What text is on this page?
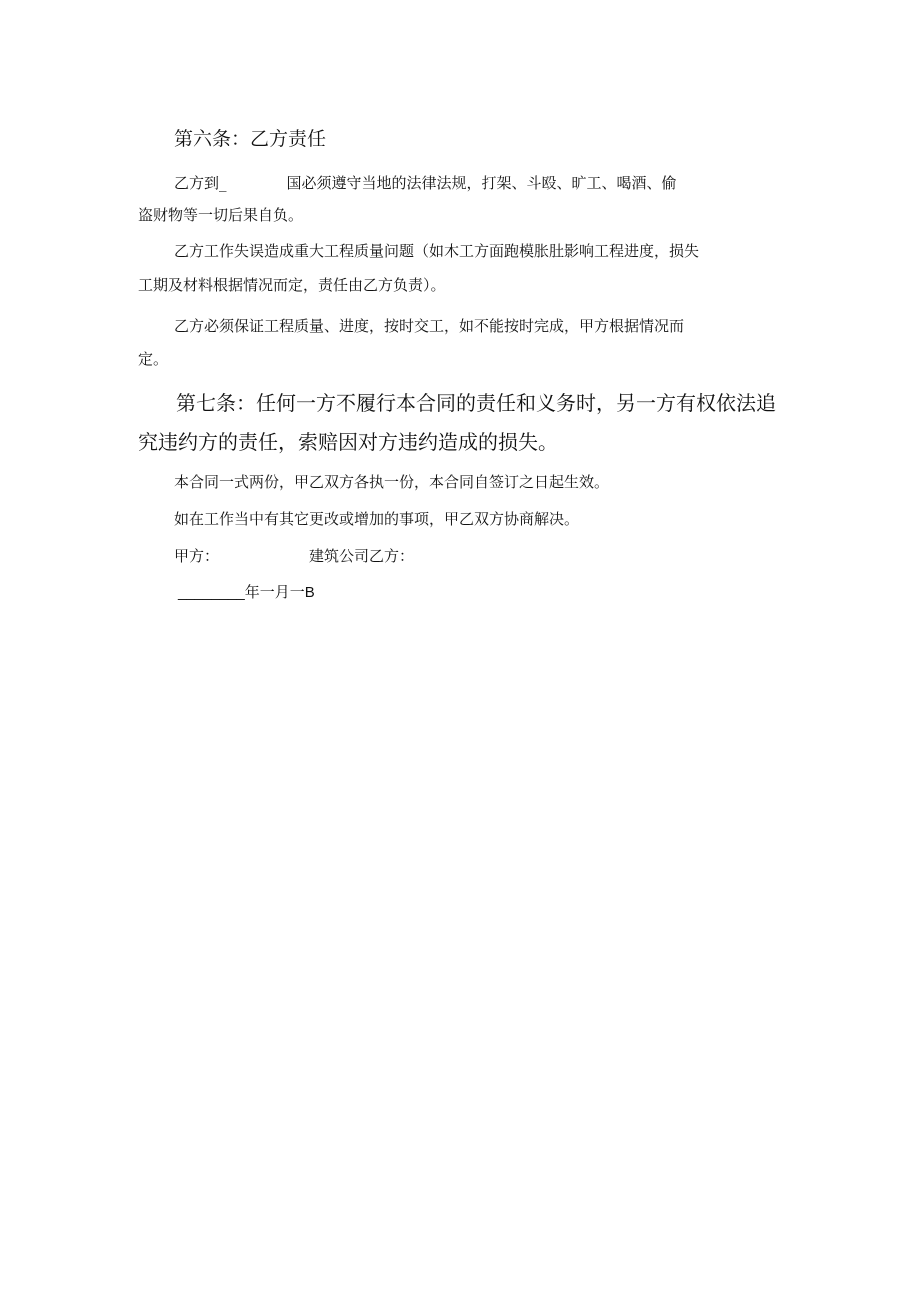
第六条：乙方责任
乙方到_	国必须遵守当地的法律法规，打架、斗殴、旷工、喝酒、偷
盗财物等一切后果自负。
乙方工作失误造成重大工程质量问题（如木工方面跑模胀肚影响工程进度，损失
工期及材料根据情况而定，责任由乙方负责）。
乙方必须保证工程质量、进度，按时交工，如不能按时完成，甲方根据情况而
定。
第七条：任何一方不履行本合同的责任和义务时，另一方有权依法追
究违约方的责任，索赔因对方违约造成的损失。
本合同一式两份，甲乙双方各执一份，本合同自签订之日起生效。
如在工作当中有其它更改或增加的事项，甲乙双方协商解决。
甲方：	建筑公司乙方：
________年一月一B
